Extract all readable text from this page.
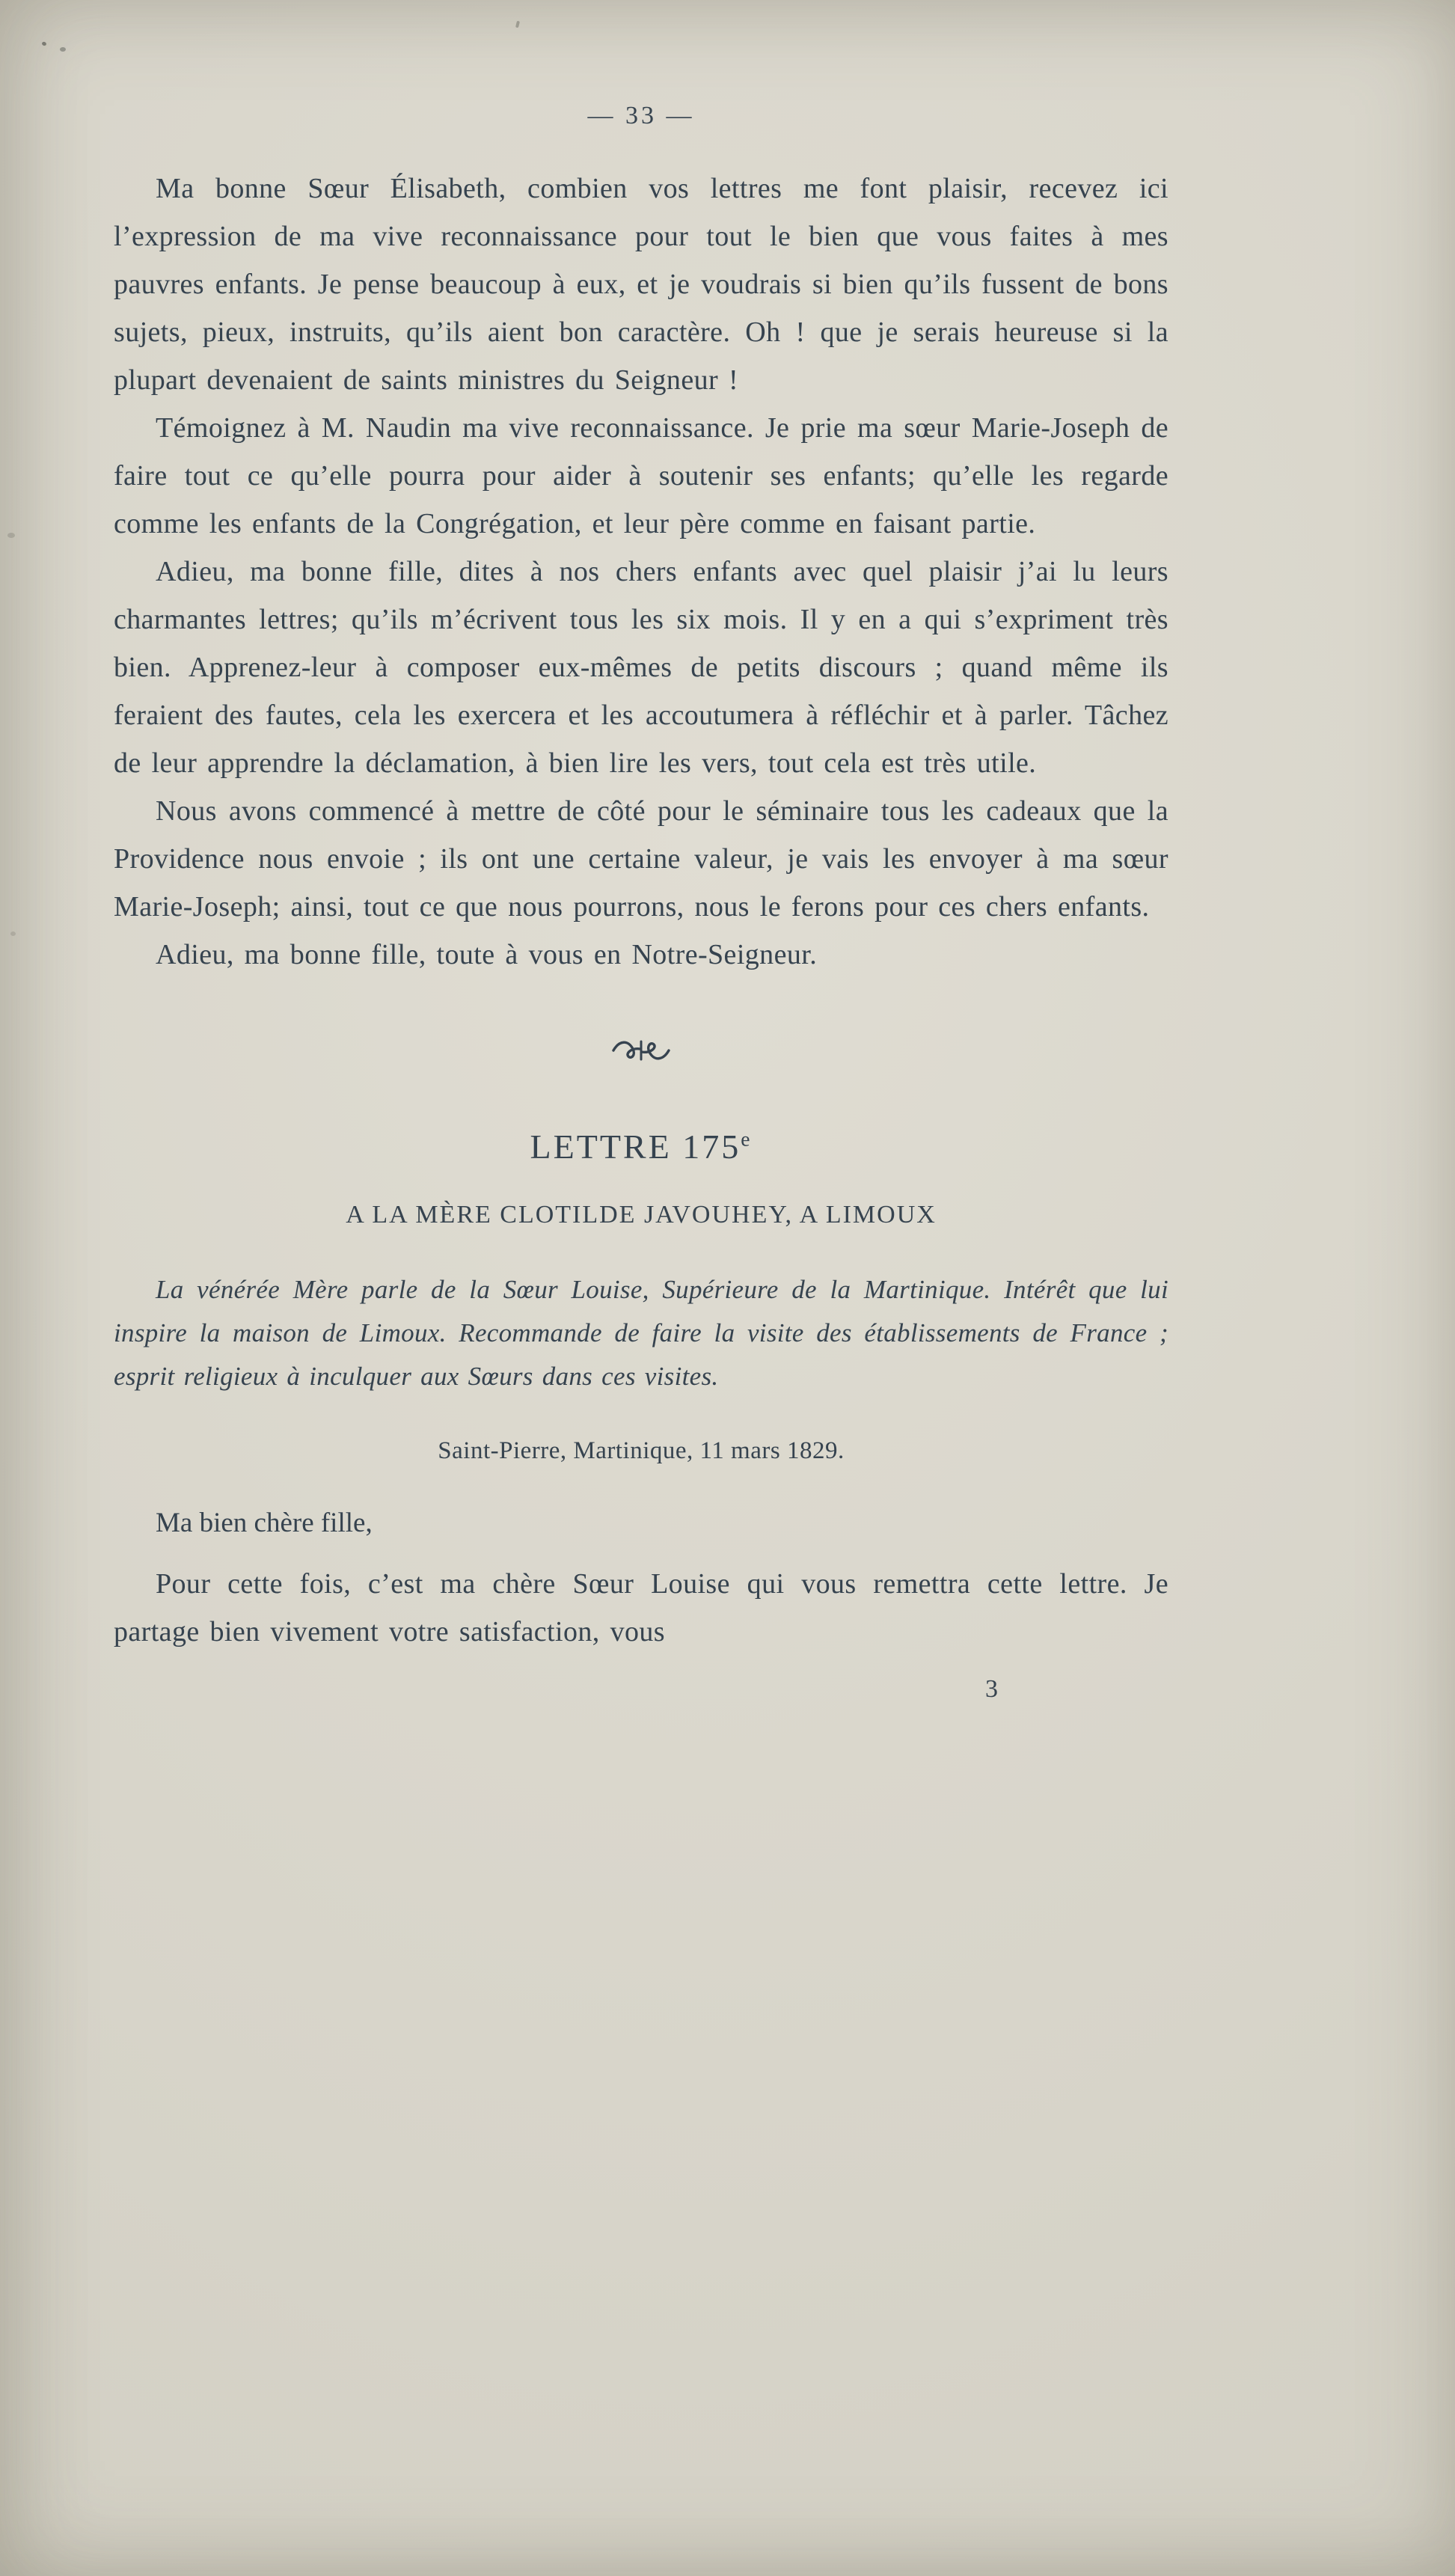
— 33 —

Ma bonne Sœur Élisabeth, combien vos lettres me font plaisir, recevez ici l’expression de ma vive reconnaissance pour tout le bien que vous faites à mes pauvres enfants. Je pense beaucoup à eux, et je voudrais si bien qu’ils fussent de bons sujets, pieux, instruits, qu’ils aient bon caractère. Oh ! que je serais heureuse si la plupart devenaient de saints ministres du Seigneur !

Témoignez à M. Naudin ma vive reconnaissance. Je prie ma sœur Marie-Joseph de faire tout ce qu’elle pourra pour aider à soutenir ses enfants; qu’elle les regarde comme les enfants de la Congrégation, et leur père comme en faisant partie.

Adieu, ma bonne fille, dites à nos chers enfants avec quel plaisir j’ai lu leurs charmantes lettres; qu’ils m’écrivent tous les six mois. Il y en a qui s’expriment très bien. Apprenez-leur à composer eux-mêmes de petits discours ; quand même ils feraient des fautes, cela les exercera et les accoutumera à réfléchir et à parler. Tâchez de leur apprendre la déclamation, à bien lire les vers, tout cela est très utile.

Nous avons commencé à mettre de côté pour le séminaire tous les cadeaux que la Providence nous envoie ; ils ont une certaine valeur, je vais les envoyer à ma sœur Marie-Joseph; ainsi, tout ce que nous pourrons, nous le ferons pour ces chers enfants.

Adieu, ma bonne fille, toute à vous en Notre-Seigneur.

LETTRE 175e
A LA MÈRE CLOTILDE JAVOUHEY, A LIMOUX

La vénérée Mère parle de la Sœur Louise, Supérieure de la Martinique. Intérêt que lui inspire la maison de Limoux. Recommande de faire la visite des établissements de France ; esprit religieux à inculquer aux Sœurs dans ces visites.

Saint-Pierre, Martinique, 11 mars 1829.

Ma bien chère fille,

Pour cette fois, c’est ma chère Sœur Louise qui vous remettra cette lettre. Je partage bien vivement votre satisfaction, vous

3
